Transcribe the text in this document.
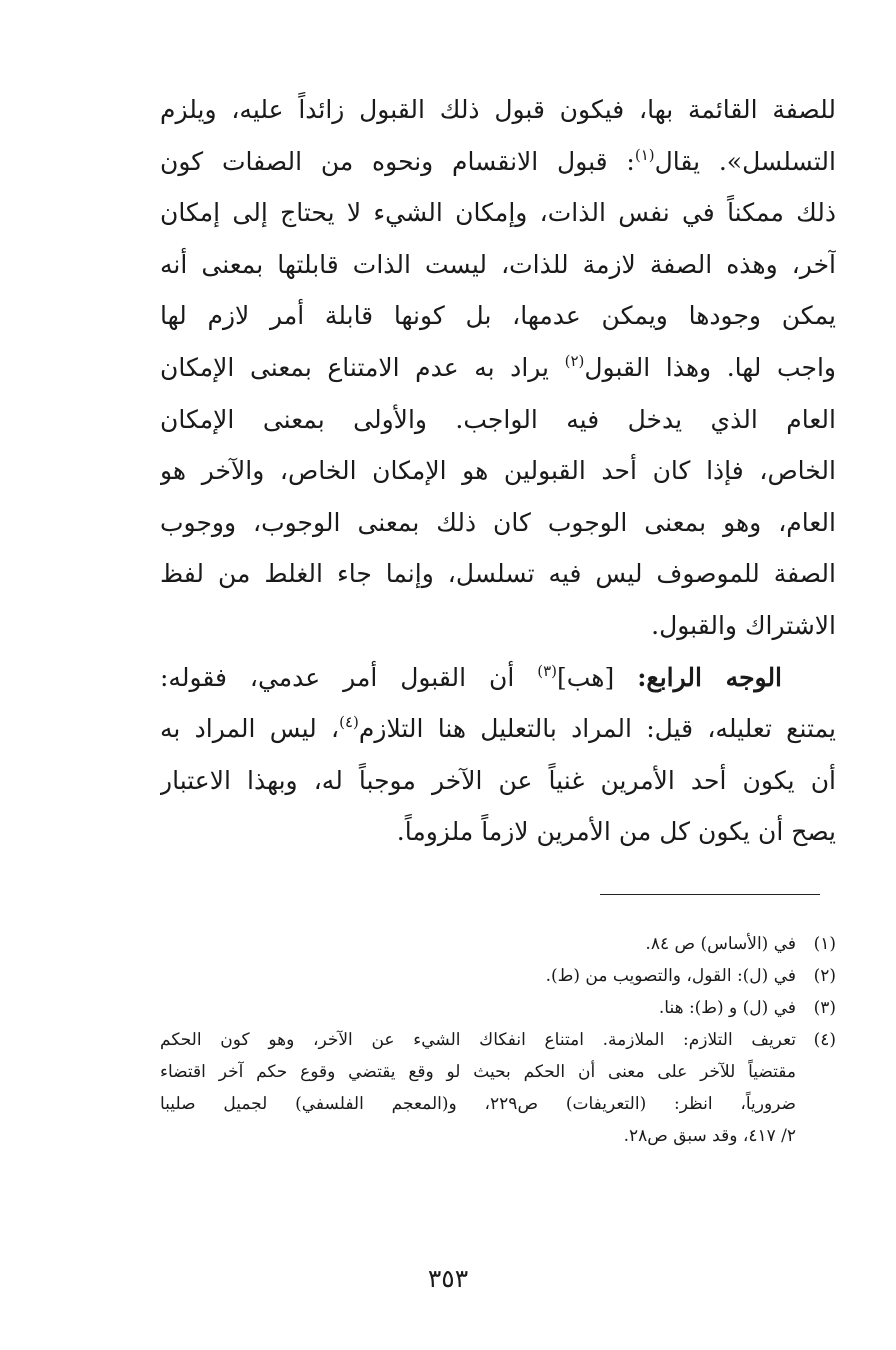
للصفة القائمة بها، فيكون قبول ذلك القبول زائداً عليه، ويلزم
التسلسل». يقال$^{(١)}$: قبول الانقسام ونحوه من الصفات كون
ذلك ممكناً في نفس الذات، وإمكان الشيء لا يحتاج إلى إمكان
آخر، وهذه الصفة لازمة للذات، ليست الذات قابلتها بمعنى أنه
يمكن وجودها ويمكن عدمها، بل كونها قابلة أمر لازم لها
واجب لها. وهذا القبول$^{(٢)}$ يراد به عدم الامتناع بمعنى الإمكان
العام الذي يدخل فيه الواجب. والأولى بمعنى الإمكان
الخاص، فإذا كان أحد القبولين هو الإمكان الخاص، والآخر هو
العام، وهو بمعنى الوجوب كان ذلك بمعنى الوجوب، ووجوب
الصفة للموصوف ليس فيه تسلسل، وإنما جاء الغلط من لفظ
الاشتراك والقبول.
الوجه الرابع: [هب]$^{(٣)}$ أن القبول أمر عدمي، فقوله:
يمتنع تعليله، قيل: المراد بالتعليل هنا التلازم$^{(٤)}$، ليس المراد به
أن يكون أحد الأمرين غنياً عن الآخر موجباً له، وبهذا الاعتبار
يصح أن يكون كل من الأمرين لازماً ملزوماً.
(١)
في (الأساس) ص ٨٤.
(٢)
في (ل): القول، والتصويب من (ط).
(٣)
في (ل) و (ط): هنا.
(٤)
تعريف التلازم: الملازمة. امتناع انفكاك الشيء عن الآخر، وهو كون الحكم
مقتضياً للآخر على معنى أن الحكم بحيث لو وقع يقتضي وقوع حكم آخر اقتضاء
ضرورياً، انظر: (التعريفات) ص٢٢٩، و(المعجم الفلسفي) لجميل صليبا
٢/ ٤١٧، وقد سبق ص٢٨.
٣٥٣
